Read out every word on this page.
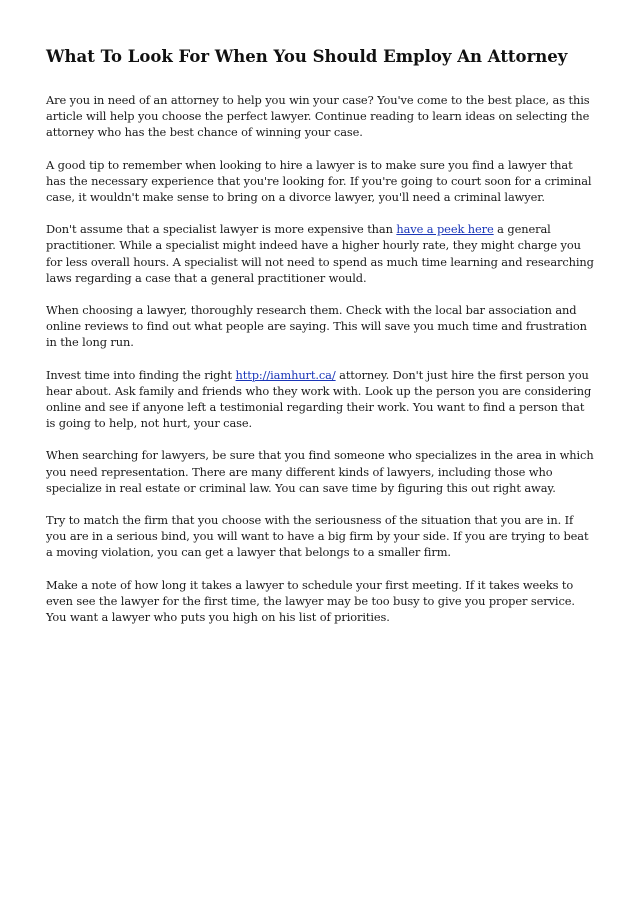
What To Look For When You Should Employ An Attorney

Are you in need of an attorney to help you win your case? You've come to the best place, as this article will help you choose the perfect lawyer. Continue reading to learn ideas on selecting the attorney who has the best chance of winning your case.

A good tip to remember when looking to hire a lawyer is to make sure you find a lawyer that has the necessary experience that you're looking for. If you're going to court soon for a criminal case, it wouldn't make sense to bring on a divorce lawyer, you'll need a criminal lawyer.

Don't assume that a specialist lawyer is more expensive than have a peek here a general practitioner. While a specialist might indeed have a higher hourly rate, they might charge you for less overall hours. A specialist will not need to spend as much time learning and researching laws regarding a case that a general practitioner would.

When choosing a lawyer, thoroughly research them. Check with the local bar association and online reviews to find out what people are saying. This will save you much time and frustration in the long run.

Invest time into finding the right http://iamhurt.ca/ attorney. Don't just hire the first person you hear about. Ask family and friends who they work with. Look up the person you are considering online and see if anyone left a testimonial regarding their work. You want to find a person that is going to help, not hurt, your case.

When searching for lawyers, be sure that you find someone who specializes in the area in which you need representation. There are many different kinds of lawyers, including those who specialize in real estate or criminal law. You can save time by figuring this out right away.

Try to match the firm that you choose with the seriousness of the situation that you are in. If you are in a serious bind, you will want to have a big firm by your side. If you are trying to beat a moving violation, you can get a lawyer that belongs to a smaller firm.

Make a note of how long it takes a lawyer to schedule your first meeting. If it takes weeks to even see the lawyer for the first time, the lawyer may be too busy to give you proper service. You want a lawyer who puts you high on his list of priorities.
